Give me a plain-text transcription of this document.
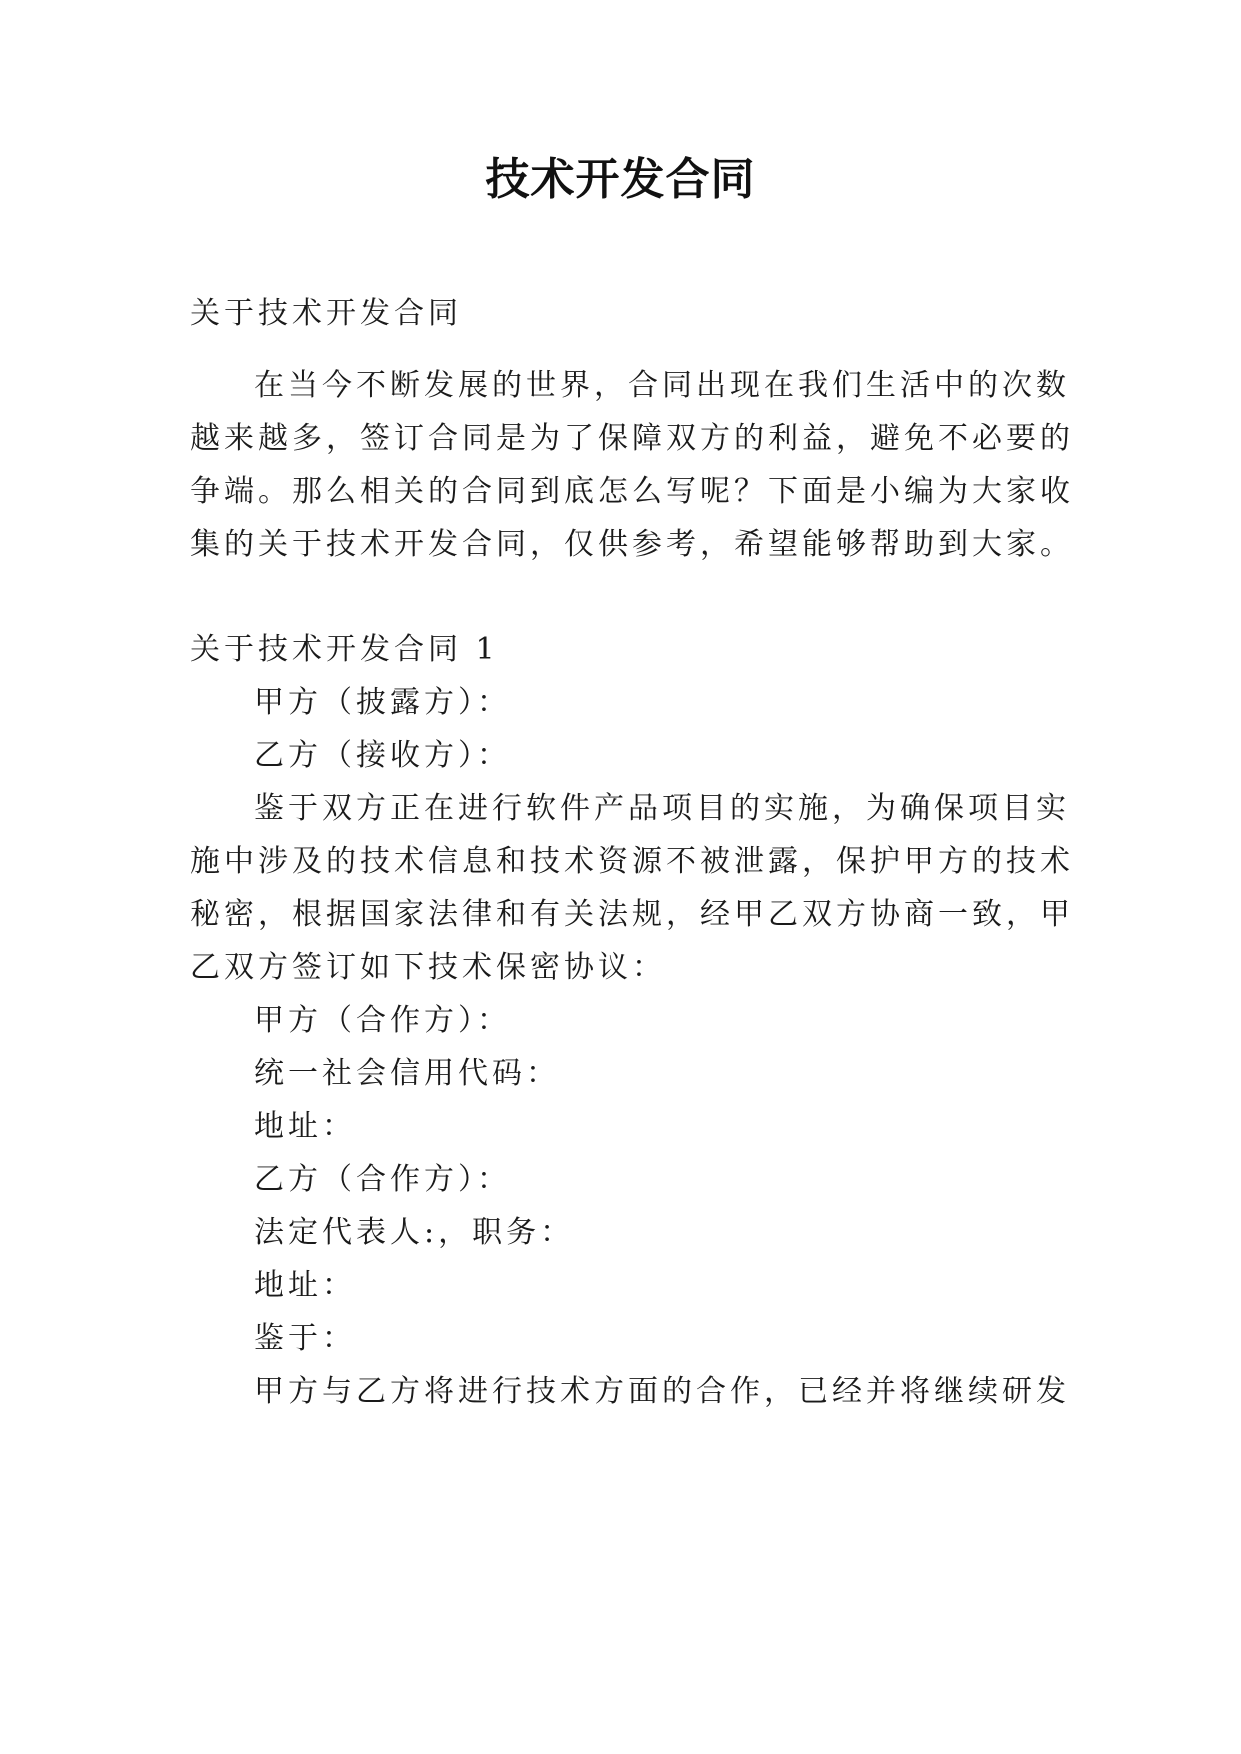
技术开发合同
关于技术开发合同
在当今不断发展的世界，合同出现在我们生活中的次数
越来越多，签订合同是为了保障双方的利益，避免不必要的
争端。那么相关的合同到底怎么写呢？下面是小编为大家收
集的关于技术开发合同，仅供参考，希望能够帮助到大家。
关于技术开发合同 1
甲方（披露方）：
乙方（接收方）：
鉴于双方正在进行软件产品项目的实施，为确保项目实
施中涉及的技术信息和技术资源不被泄露，保护甲方的技术
秘密，根据国家法律和有关法规，经甲乙双方协商一致，甲
乙双方签订如下技术保密协议：
甲方（合作方）：
统一社会信用代码：
地址：
乙方（合作方）：
法定代表人:，职务：
地址：
鉴于：
甲方与乙方将进行技术方面的合作，已经并将继续研发
